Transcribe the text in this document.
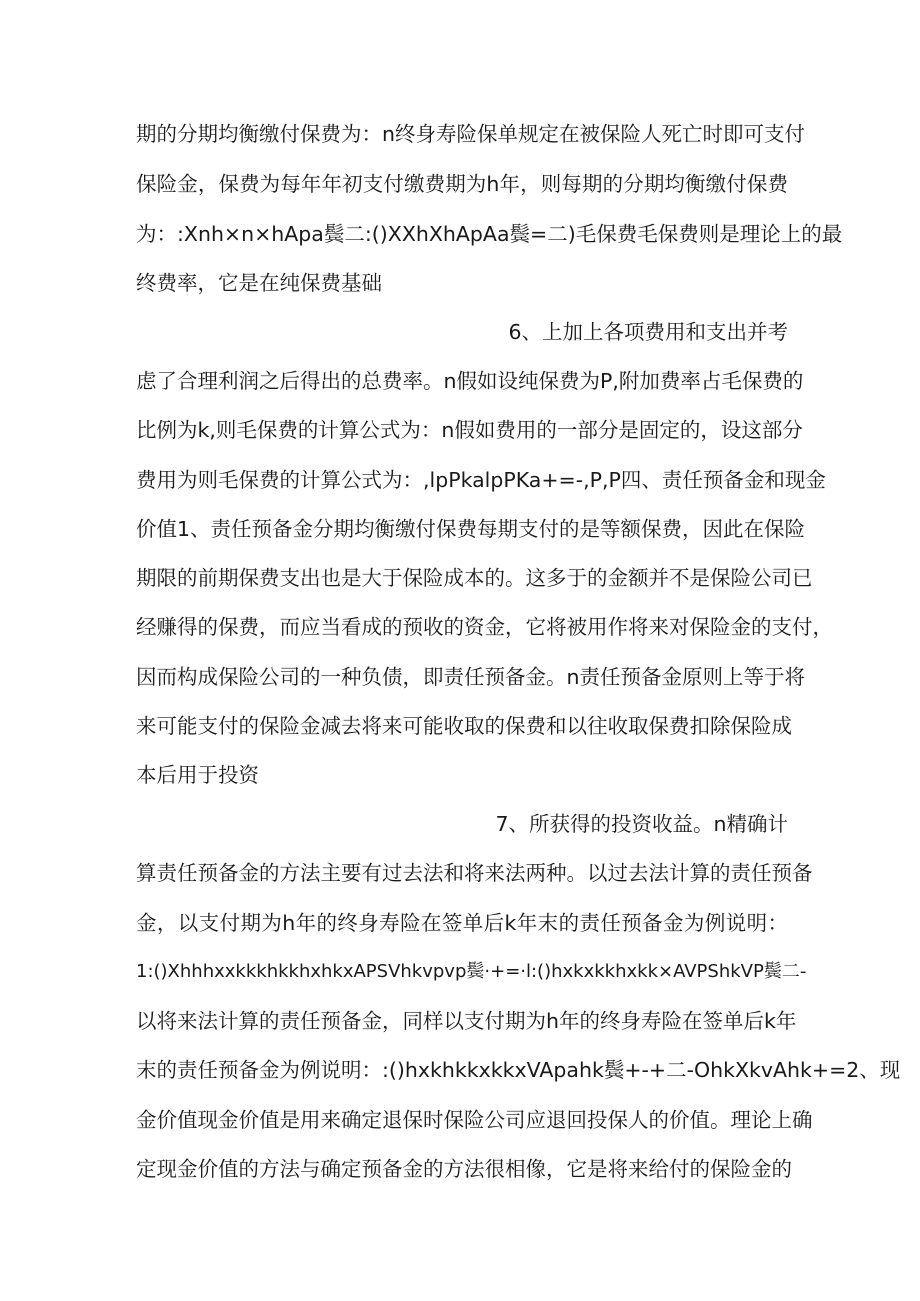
期的分期均衡缴付保费为：n终身寿险保单规定在被保险人死亡时即可支付
保险金，保费为每年年初支付缴费期为h年，则每期的分期均衡缴付保费
为：:Xnh×n×hApa鬓二:()XXhXhApAa鬓=二)毛保费毛保费则是理论上的最
终费率，它是在纯保费基础
6、上加上各项费用和支出并考
虑了合理利润之后得出的总费率。n假如设纯保费为P,附加费率占毛保费的
比例为k,则毛保费的计算公式为：n假如费用的一部分是固定的，设这部分
费用为则毛保费的计算公式为：,lpPkalpPKa+=-,P,P四、责任预备金和现金
价值1、责任预备金分期均衡缴付保费每期支付的是等额保费，因此在保险
期限的前期保费支出也是大于保险成本的。这多于的金额并不是保险公司已
经赚得的保费，而应当看成的预收的资金，它将被用作将来对保险金的支付，
因而构成保险公司的一种负债，即责任预备金。n责任预备金原则上等于将
来可能支付的保险金减去将来可能收取的保费和以往收取保费扣除保险成
本后用于投资
7、所获得的投资收益。n精确计
算责任预备金的方法主要有过去法和将来法两种。以过去法计算的责任预备
金，以支付期为h年的终身寿险在签单后k年末的责任预备金为例说明：
1:()XhhhxxkkkhkkhxhkxAPSVhkvpvp鬓·+=·l:()hxkxkkhxkk×AVPShkVP鬓二-
以将来法计算的责任预备金，同样以支付期为h年的终身寿险在签单后k年
末的责任预备金为例说明：:()hxkhkkxkkxVApahk鬓+-+二-OhkXkvAhk+=2、现
金价值现金价值是用来确定退保时保险公司应退回投保人的价值。理论上确
定现金价值的方法与确定预备金的方法很相像，它是将来给付的保险金的
